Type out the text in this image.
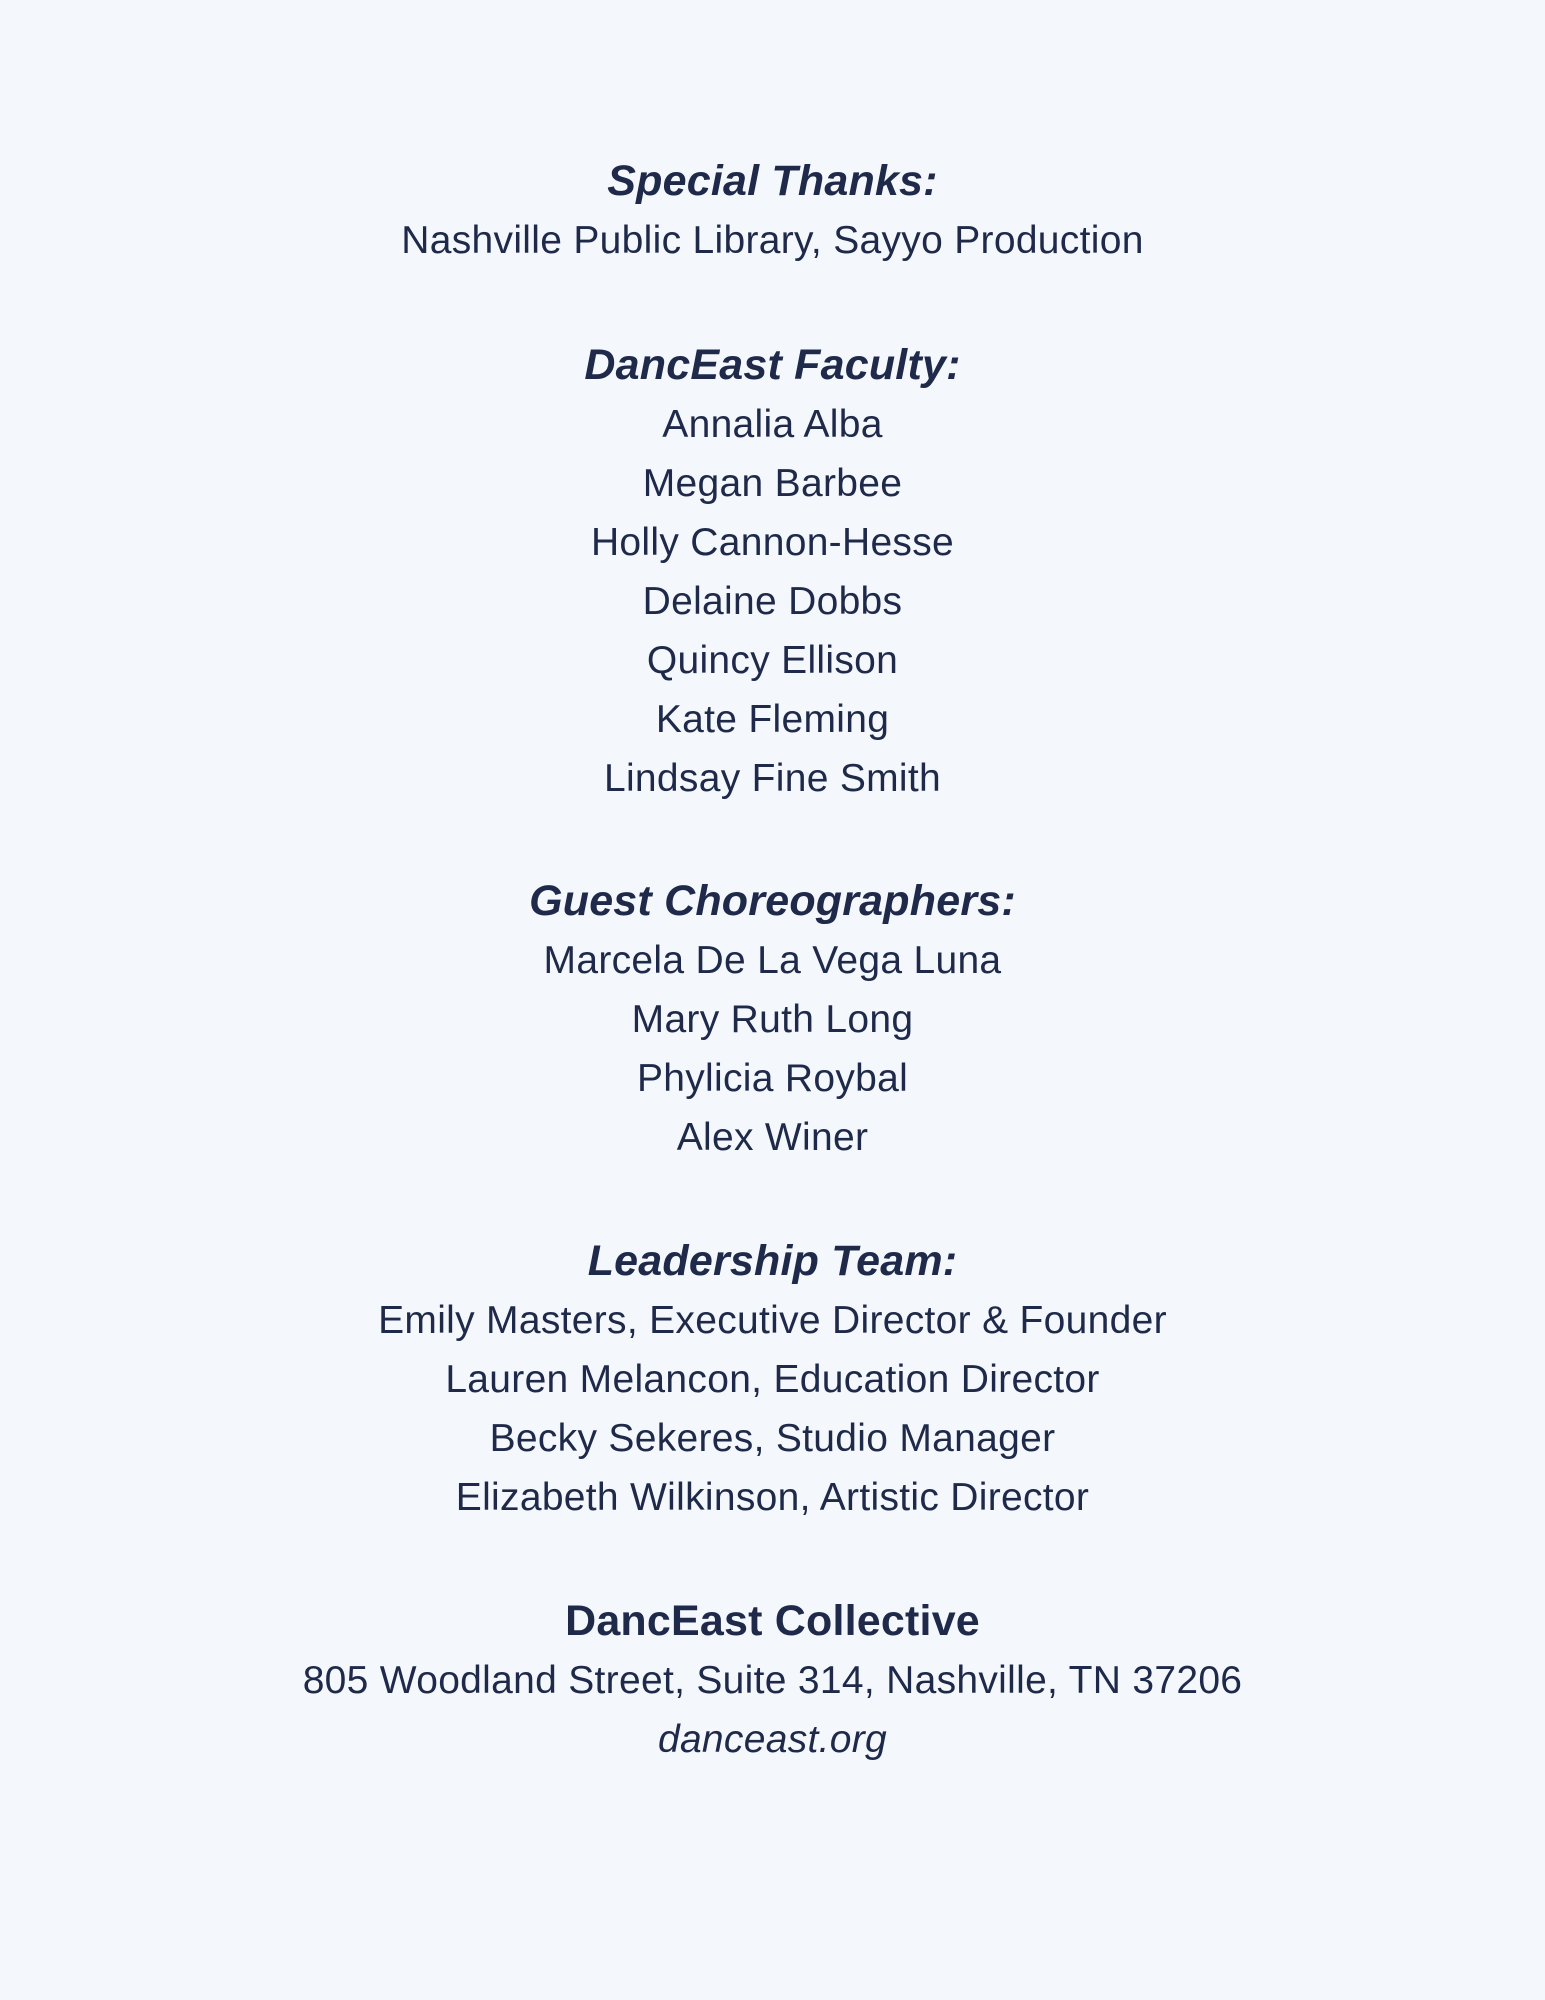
Special Thanks:

Nashville Public Library, Sayyo Production

DancEast Faculty:

Annalia Alba

Megan Barbee

Holly Cannon-Hesse

Delaine Dobbs

Quincy Ellison

Kate Fleming

Lindsay Fine Smith

Guest Choreographers:

Marcela De La Vega Luna

Mary Ruth Long

Phylicia Roybal

Alex Winer

Leadership Team:

Emily Masters, Executive Director & Founder

Lauren Melancon, Education Director

Becky Sekeres, Studio Manager

Elizabeth Wilkinson, Artistic Director

DancEast Collective

805 Woodland Street, Suite 314, Nashville, TN 37206

danceast.org
